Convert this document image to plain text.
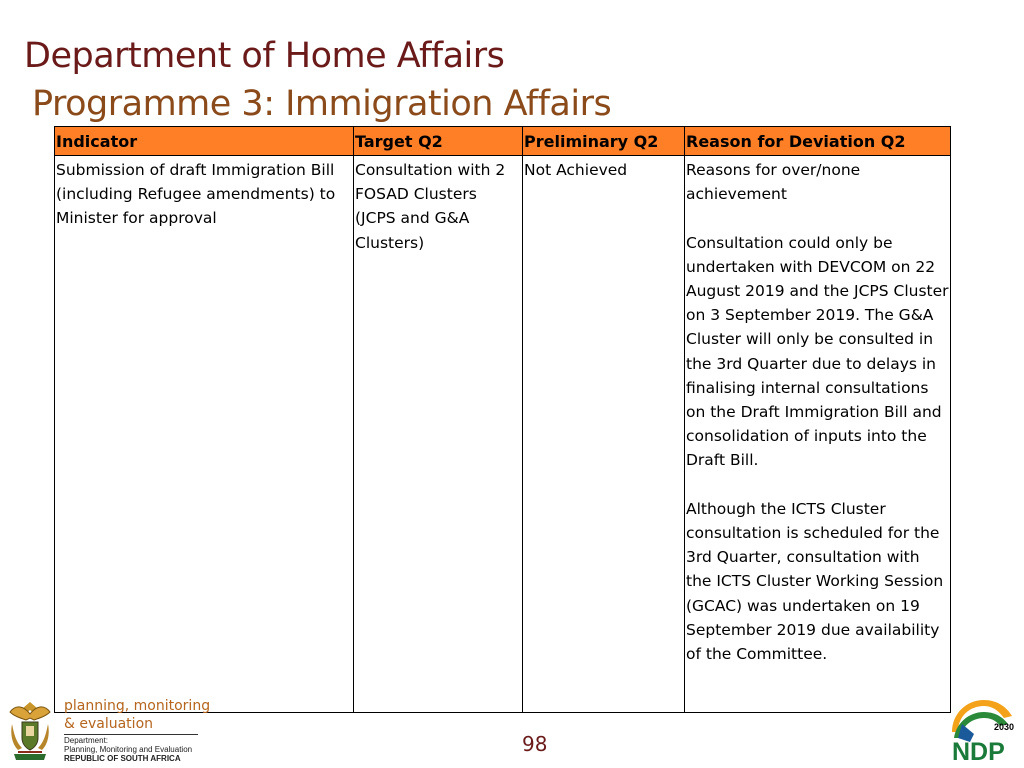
Department of Home Affairs
Programme 3: Immigration Affairs
Indicator	Target Q2	Preliminary Q2	Reason for Deviation Q2
Submission of draft Immigration Bill (including Refugee amendments) to Minister for approval	Consultation with 2 FOSAD Clusters (JCPS and G&A Clusters)	Not Achieved	Reasons for over/none achievement
Consultation could only be undertaken with DEVCOM on 22 August 2019 and the JCPS Cluster on 3 September 2019. The G&A Cluster will only be consulted in the 3rd Quarter due to delays in finalising internal consultations on the Draft Immigration Bill and consolidation of inputs into the Draft Bill.
Although the ICTS Cluster consultation is scheduled for the 3rd Quarter, consultation with the ICTS Cluster Working Session (GCAC) was undertaken on 19 September 2019 due availability of the Committee.
98
planning, monitoring
& evaluation
Department:
Planning, Monitoring and Evaluation
REPUBLIC OF SOUTH AFRICA
2030
NDP
